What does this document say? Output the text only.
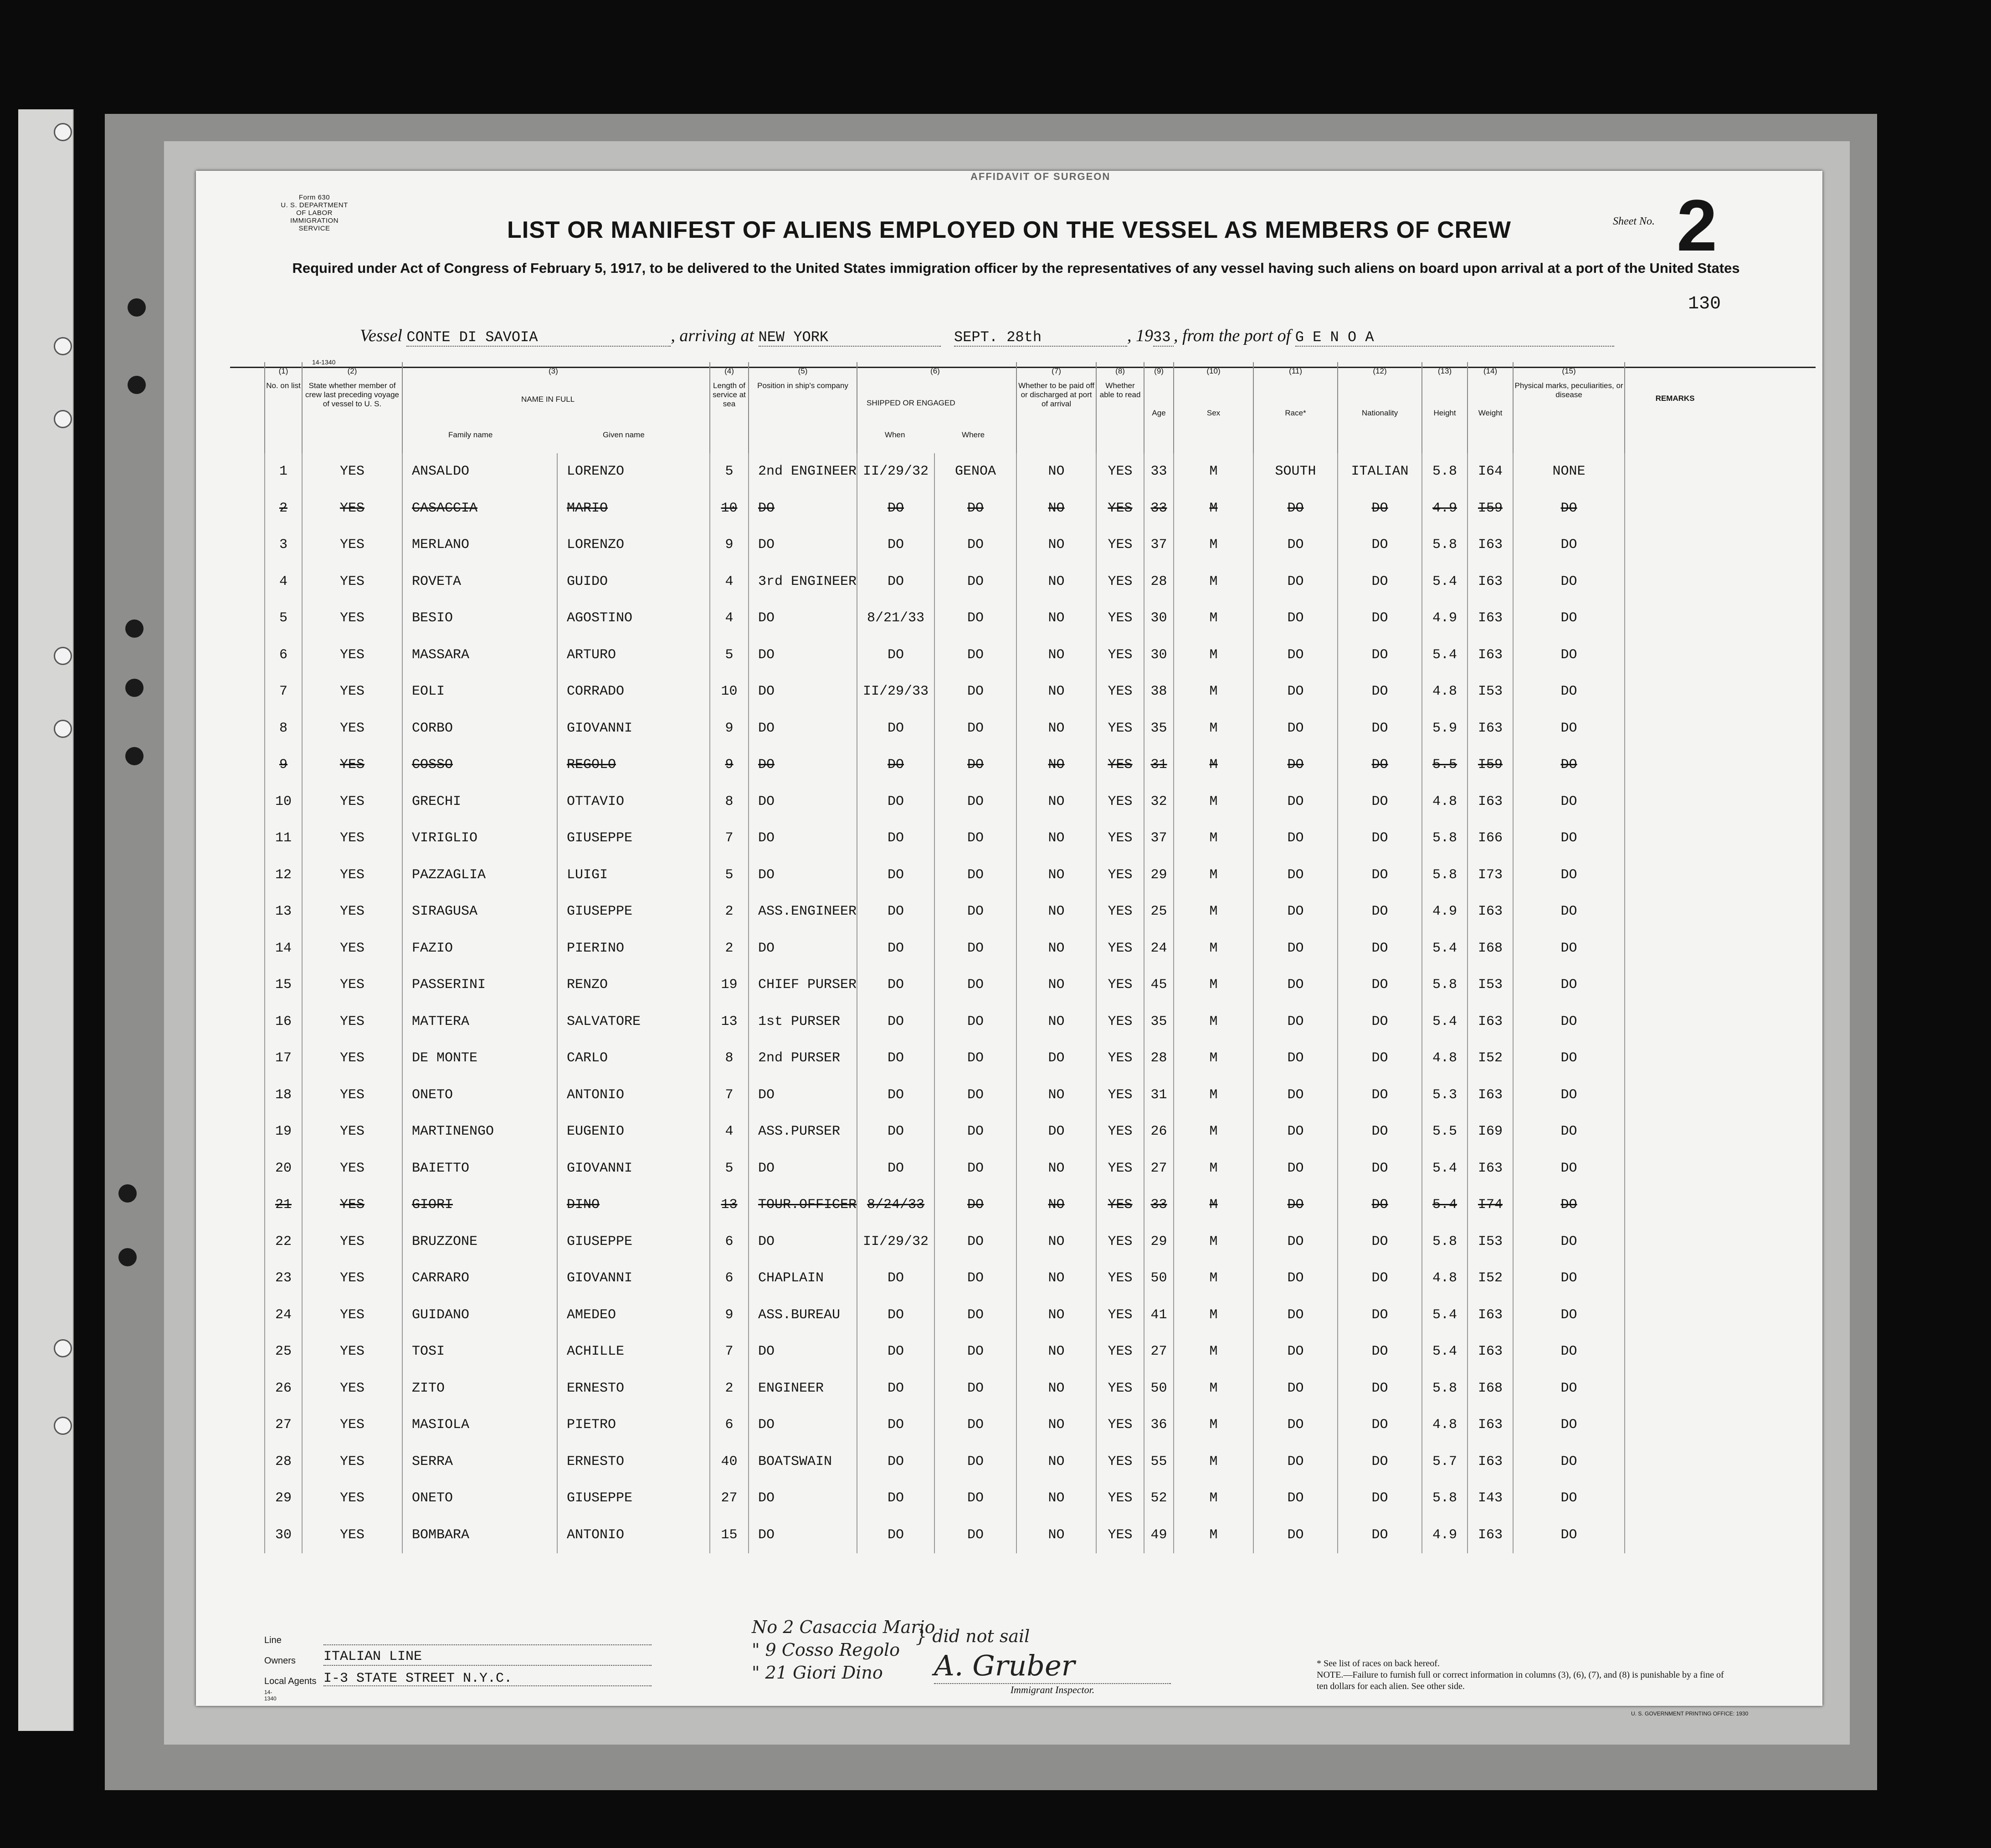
AFFIDAVIT OF SURGEON
Form 630
U. S. DEPARTMENT OF LABOR
IMMIGRATION SERVICE	LIST OR MANIFEST OF ALIENS EMPLOYED ON THE VESSEL AS MEMBERS OF CREW
Required under Act of Congress of February 5, 1917, to be delivered to the United States immigration officer by the representatives of any vessel having such aliens on board upon arrival at a port of the United States
Sheet No. 2
130
Vessel CONTE DI SAVOIA	, arriving at NEW YORK	SEPT. 28th	, 1933 , from the port of G E N O A
14-1340
(1)
No. on list	(2)
State whether member of crew last preceding voyage of vessel to U. S.	(3)
NAME IN FULL
Family name	Given name	(4)
Length of service at sea	(5)
Position in ship's company	(6)
SHIPPED OR ENGAGED
When	Where	(7)
Whether to be paid off or discharged at port of arrival	(8)
Whether able to read	(9)

Age	(10)

Sex	(11)

Race*	(12)

Nationality	(13)

Height	(14)

Weight	(15)
Physical marks, peculiarities, or disease	REMARKS
1	YES	ANSALDO	LORENZO	5	2nd ENGINEER	II/29/32	GENOA	NO	YES	33	M	SOUTH	ITALIAN	5.8	I64	NONE	
2	YES	CASACCIA	MARIO	10	DO	DO	DO	NO	YES	33	M	DO	DO	4.9	I59	DO	
3	YES	MERLANO	LORENZO	9	DO	DO	DO	NO	YES	37	M	DO	DO	5.8	I63	DO	
4	YES	ROVETA	GUIDO	4	3rd ENGINEER	DO	DO	NO	YES	28	M	DO	DO	5.4	I63	DO	
5	YES	BESIO	AGOSTINO	4	DO	8/21/33	DO	NO	YES	30	M	DO	DO	4.9	I63	DO	
6	YES	MASSARA	ARTURO	5	DO	DO	DO	NO	YES	30	M	DO	DO	5.4	I63	DO	
7	YES	EOLI	CORRADO	10	DO	II/29/33	DO	NO	YES	38	M	DO	DO	4.8	I53	DO	
8	YES	CORBO	GIOVANNI	9	DO	DO	DO	NO	YES	35	M	DO	DO	5.9	I63	DO	
9	YES	COSSO	REGOLO	9	DO	DO	DO	NO	YES	31	M	DO	DO	5.5	I59	DO	
10	YES	GRECHI	OTTAVIO	8	DO	DO	DO	NO	YES	32	M	DO	DO	4.8	I63	DO	
11	YES	VIRIGLIO	GIUSEPPE	7	DO	DO	DO	NO	YES	37	M	DO	DO	5.8	I66	DO	
12	YES	PAZZAGLIA	LUIGI	5	DO	DO	DO	NO	YES	29	M	DO	DO	5.8	I73	DO	
13	YES	SIRAGUSA	GIUSEPPE	2	ASS.ENGINEER	DO	DO	NO	YES	25	M	DO	DO	4.9	I63	DO	
14	YES	FAZIO	PIERINO	2	DO	DO	DO	NO	YES	24	M	DO	DO	5.4	I68	DO	
15	YES	PASSERINI	RENZO	19	CHIEF PURSER	DO	DO	NO	YES	45	M	DO	DO	5.8	I53	DO	
16	YES	MATTERA	SALVATORE	13	1st PURSER	DO	DO	NO	YES	35	M	DO	DO	5.4	I63	DO	
17	YES	DE MONTE	CARLO	8	2nd PURSER	DO	DO	DO	YES	28	M	DO	DO	4.8	I52	DO	
18	YES	ONETO	ANTONIO	7	DO	DO	DO	NO	YES	31	M	DO	DO	5.3	I63	DO	
19	YES	MARTINENGO	EUGENIO	4	ASS.PURSER	DO	DO	DO	YES	26	M	DO	DO	5.5	I69	DO	
20	YES	BAIETTO	GIOVANNI	5	DO	DO	DO	NO	YES	27	M	DO	DO	5.4	I63	DO	
21	YES	GIORI	DINO	13	TOUR.OFFICER	8/24/33	DO	NO	YES	33	M	DO	DO	5.4	I74	DO	
22	YES	BRUZZONE	GIUSEPPE	6	DO	II/29/32	DO	NO	YES	29	M	DO	DO	5.8	I53	DO	
23	YES	CARRARO	GIOVANNI	6	CHAPLAIN	DO	DO	NO	YES	50	M	DO	DO	4.8	I52	DO	
24	YES	GUIDANO	AMEDEO	9	ASS.BUREAU	DO	DO	NO	YES	41	M	DO	DO	5.4	I63	DO	
25	YES	TOSI	ACHILLE	7	DO	DO	DO	NO	YES	27	M	DO	DO	5.4	I63	DO	
26	YES	ZITO	ERNESTO	2	ENGINEER	DO	DO	NO	YES	50	M	DO	DO	5.8	I68	DO	
27	YES	MASIOLA	PIETRO	6	DO	DO	DO	NO	YES	36	M	DO	DO	4.8	I63	DO	
28	YES	SERRA	ERNESTO	40	BOATSWAIN	DO	DO	NO	YES	55	M	DO	DO	5.7	I63	DO	
29	YES	ONETO	GIUSEPPE	27	DO	DO	DO	NO	YES	52	M	DO	DO	5.8	I43	DO	
30	YES	BOMBARA	ANTONIO	15	DO	DO	DO	NO	YES	49	M	DO	DO	4.9	I63	DO	
Line
Owners ITALIAN LINE
Local Agents I-3 STATE STREET N.Y.C.
14-1340
No 2 Casaccia Mario
" 9 Cosso Regolo
" 21 Giori Dino
} did not sail
A. Gruber
Immigrant Inspector.
* See list of races on back hereof.
NOTE.—Failure to furnish full or correct information in columns (3), (6), (7), and (8) is punishable by a fine of ten dollars for each alien. See other side.
U. S. GOVERNMENT PRINTING OFFICE: 1930
